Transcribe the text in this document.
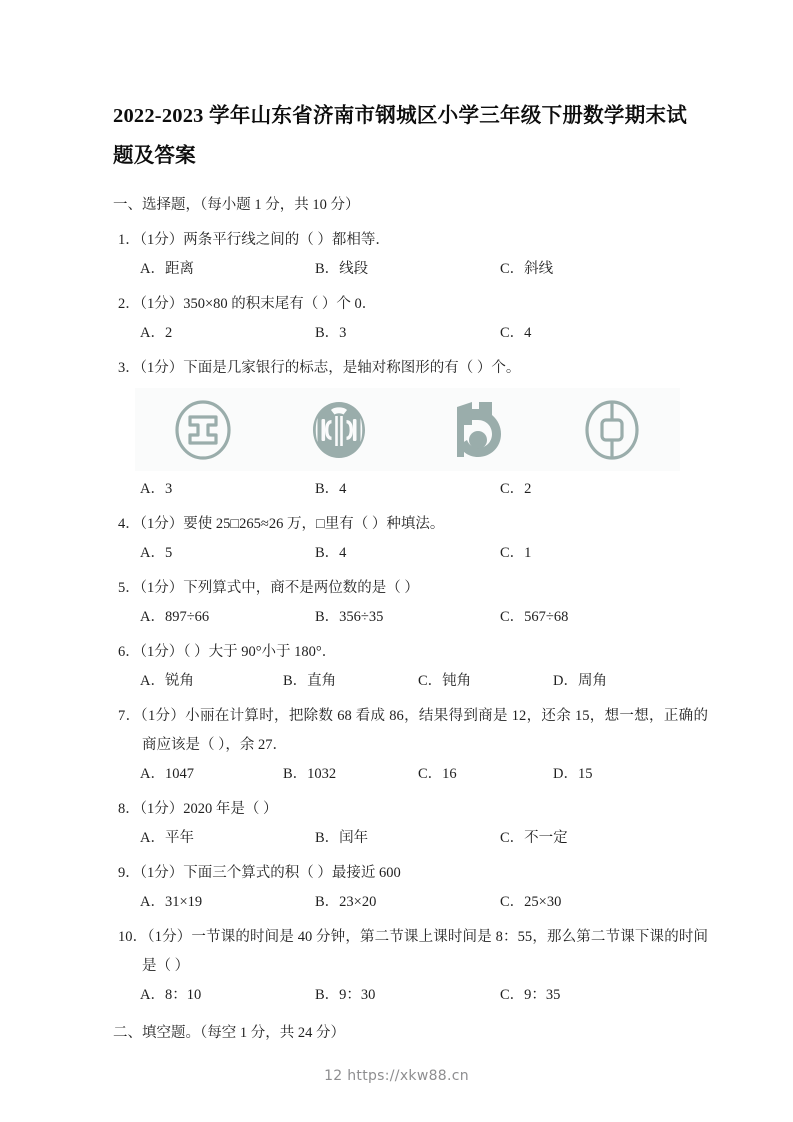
2022-2023 学年山东省济南市钢城区小学三年级下册数学期末试题及答案
一、选择题，（每小题 1 分，共 10 分）
1．（1分）两条平行线之间的（ ）都相等．
A．距离	B．线段	C．斜线
2．（1分）350×80 的积末尾有（ ）个 0．
A．2	B．3	C．4
3．（1分）下面是几家银行的标志，是轴对称图形的有（ ）个。
A．3	B．4	C．2
4．（1分）要使 25□265≈26 万，□里有（ ）种填法。
A．5	B．4	C．1
5．（1分）下列算式中，商不是两位数的是（ ）
A．897÷66	B．356÷35	C．567÷68
6．（1分）（ ）大于 90°小于 180°．
A．锐角	B．直角	C．钝角	D．周角
7．（1分）小丽在计算时，把除数 68 看成 86，结果得到商是 12，还余 15，想一想，正确的商应该是（ ），余 27．
A．1047	B．1032	C．16	D．15
8．（1分）2020 年是（ ）
A．平年	B．闰年	C．不一定
9．（1分）下面三个算式的积（ ）最接近 600
A．31×19	B．23×20	C．25×30
10．（1分）一节课的时间是 40 分钟，第二节课上课时间是 8：55，那么第二节课下课的时间是（ ）
A．8：10	B．9：30	C．9：35
二、填空题。（每空 1 分，共 24 分）
12 https://xkw88.cn
